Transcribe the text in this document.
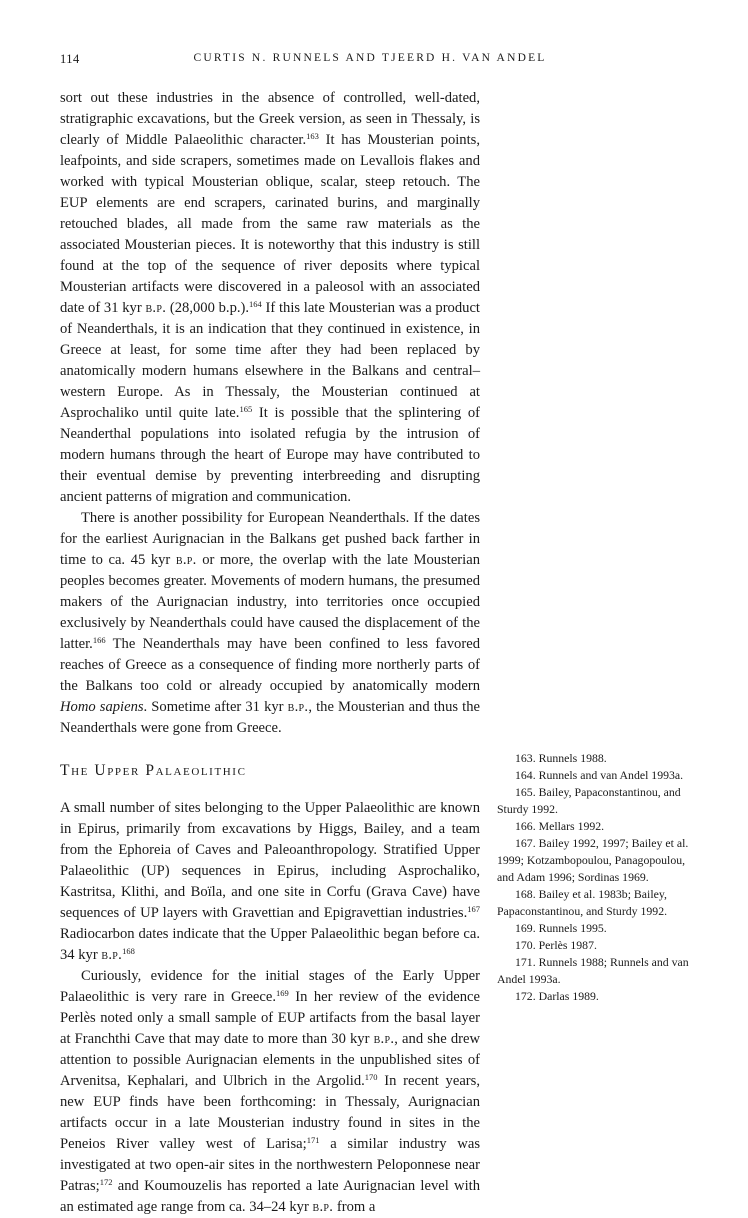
114	CURTIS N. RUNNELS AND TJEERD H. VAN ANDEL

sort out these industries in the absence of controlled, well-dated, stratigraphic excavations, but the Greek version, as seen in Thessaly, is clearly of Middle Palaeolithic character.$^{163}$ It has Mousterian points, leafpoints, and side scrapers, sometimes made on Levallois flakes and worked with typical Mousterian oblique, scalar, steep retouch. The EUP elements are end scrapers, carinated burins, and marginally retouched blades, all made from the same raw materials as the associated Mousterian pieces. It is noteworthy that this industry is still found at the top of the sequence of river deposits where typical Mousterian artifacts were discovered in a paleosol with an associated date of 31 kyr b.p. (28,000 b.p.).$^{164}$ If this late Mousterian was a product of Neanderthals, it is an indication that they continued in existence, in Greece at least, for some time after they had been replaced by anatomically modern humans elsewhere in the Balkans and central–western Europe. As in Thessaly, the Mousterian continued at Asprochaliko until quite late.$^{165}$ It is possible that the splintering of Neanderthal populations into isolated refugia by the intrusion of modern humans through the heart of Europe may have contributed to their eventual demise by preventing interbreeding and disrupting ancient patterns of migration and communication.

There is another possibility for European Neanderthals. If the dates for the earliest Aurignacian in the Balkans get pushed back farther in time to ca. 45 kyr b.p. or more, the overlap with the late Mousterian peoples becomes greater. Movements of modern humans, the presumed makers of the Aurignacian industry, into territories once occupied exclusively by Neanderthals could have caused the displacement of the latter.$^{166}$ The Neanderthals may have been confined to less favored reaches of Greece as a consequence of finding more northerly parts of the Balkans too cold or already occupied by anatomically modern Homo sapiens. Sometime after 31 kyr b.p., the Mousterian and thus the Neanderthals were gone from Greece.

The Upper Palaeolithic

A small number of sites belonging to the Upper Palaeolithic are known in Epirus, primarily from excavations by Higgs, Bailey, and a team from the Ephoreia of Caves and Paleoanthropology. Stratified Upper Palaeolithic (UP) sequences in Epirus, including Asprochaliko, Kastritsa, Klithi, and Boïla, and one site in Corfu (Grava Cave) have sequences of UP layers with Gravettian and Epigravettian industries.$^{167}$ Radiocarbon dates indicate that the Upper Palaeolithic began before ca. 34 kyr b.p.$^{168}$

Curiously, evidence for the initial stages of the Early Upper Palaeolithic is very rare in Greece.$^{169}$ In her review of the evidence Perlès noted only a small sample of EUP artifacts from the basal layer at Franchthi Cave that may date to more than 30 kyr b.p., and she drew attention to possible Aurignacian elements in the unpublished sites of Arvenitsa, Kephalari, and Ulbrich in the Argolid.$^{170}$ In recent years, new EUP finds have been forthcoming: in Thessaly, Aurignacian artifacts occur in a late Mousterian industry found in sites in the Peneios River valley west of Larisa;$^{171}$ a similar industry was investigated at two open-air sites in the northwestern Peloponnese near Patras;$^{172}$ and Koumouzelis has reported a late Aurignacian level with an estimated age range from ca. 34–24 kyr b.p. from a

163. Runnels 1988.

164. Runnels and van Andel 1993a.

165. Bailey, Papaconstantinou, and Sturdy 1992.

166. Mellars 1992.

167. Bailey 1992, 1997; Bailey et al. 1999; Kotzambopoulou, Panagopoulou, and Adam 1996; Sordinas 1969.

168. Bailey et al. 1983b; Bailey, Papaconstantinou, and Sturdy 1992.

169. Runnels 1995.

170. Perlès 1987.

171. Runnels 1988; Runnels and van Andel 1993a.

172. Darlas 1989.
